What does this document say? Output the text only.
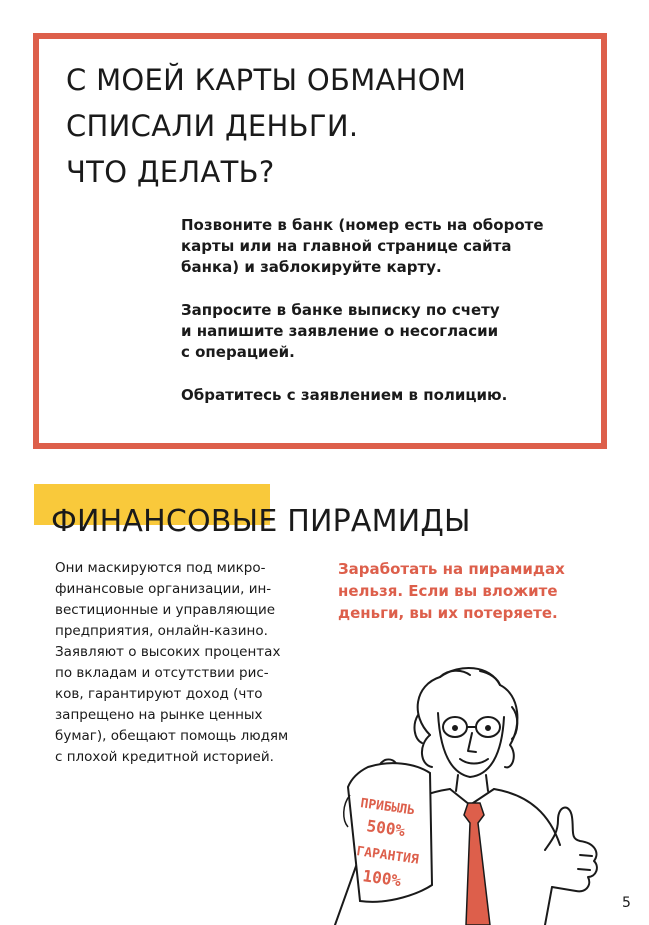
С МОЕЙ КАРТЫ ОБМАНОМ
СПИСАЛИ ДЕНЬГИ.
ЧТО ДЕЛАТЬ?

Позвоните в банк (номер есть на обороте
карты или на главной странице сайта
банка) и заблокируйте карту.

Запросите в банке выписку по счету
и напишите заявление о несогласии
с операцией.

Обратитесь с заявлением в полицию.

ФИНАНСОВЫЕ ПИРАМИДЫ

Они маскируются под микро-
финансовые организации, ин-
вестиционные и управляющие
предприятия, онлайн-казино.
Заявляют о высоких процентах
по вкладам и отсутствии рис-
ков, гарантируют доход (что
запрещено на рынке ценных
бумаг), обещают помощь людям
с плохой кредитной историей.

Заработать на пирамидах
нельзя. Если вы вложите
деньги, вы их потеряете.

ПРИБЫЛЬ
500%
ГАРАНТИЯ
100%
5
